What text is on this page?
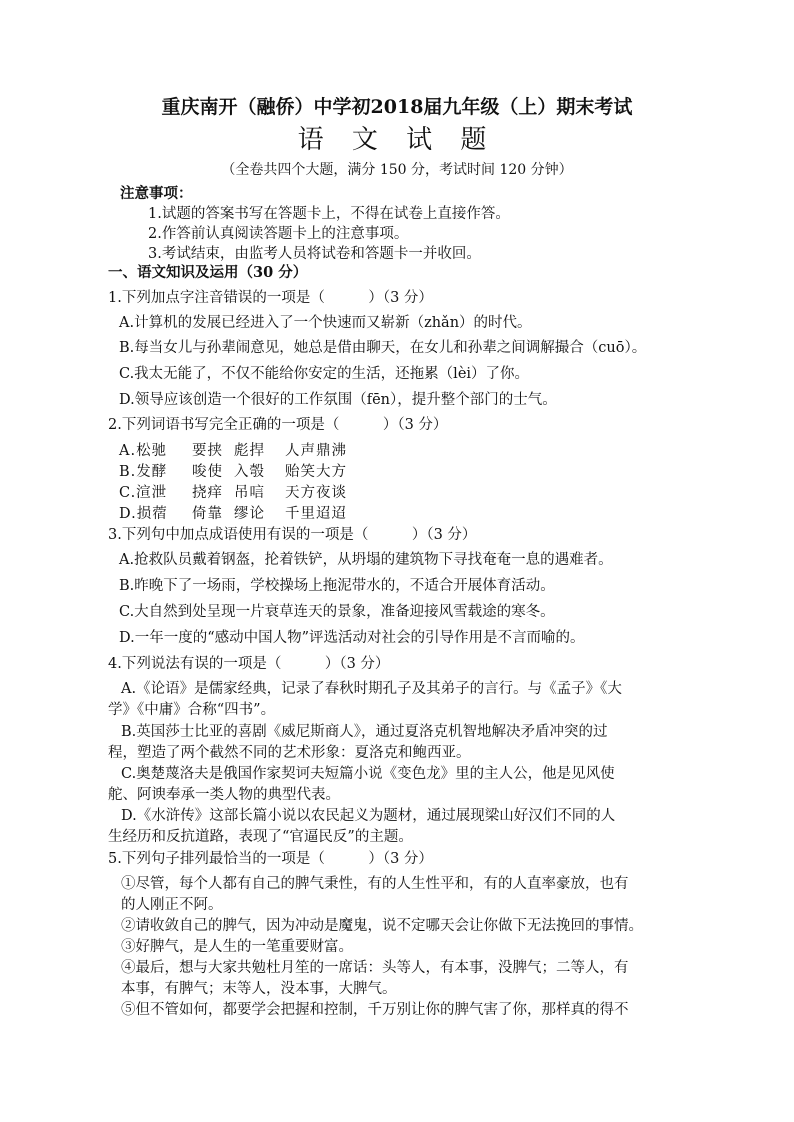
重庆南开（融侨）中学初2018届九年级（上）期末考试
语 文 试 题
（全卷共四个大题，满分 150 分，考试时间 120 分钟）
注意事项：
1.试题的答案书写在答题卡上，不得在试卷上直接作答。
2.作答前认真阅读答题卡上的注意事项。
3.考试结束，由监考人员将试卷和答题卡一并收回。
一、语文知识及运用（30 分）
1.下列加点字注音错误的一项是（　　　）（3 分）
A.计算机的发展已经进入了一个快速而又崭新（zhǎn）的时代。
B.每当女儿与孙辈闹意见，她总是借由聊天，在女儿和孙辈之间调解撮合（cuō）。
C.我太无能了，不仅不能给你安定的生活，还拖累（lèi）了你。
D.领导应该创造一个很好的工作氛围（fēn），提升整个部门的士气。
2.下列词语书写完全正确的一项是（　　　）（3 分）
A.松驰 要挟 彪捍 人声鼎沸
B.发酵 唆使 入彀 贻笑大方
C.渲泄 挠痒 吊唁 天方夜谈
D.损蓿 倚靠 缪论 千里迢迢
3.下列句中加点成语使用有误的一项是（　　　）（3 分）
A.抢救队员戴着钢盔，抡着铁铲，从坍塌的建筑物下寻找奄奄一息的遇难者。
B.昨晚下了一场雨，学校操场上拖泥带水的，不适合开展体育活动。
C.大自然到处呈现一片衰草连天的景象，准备迎接风雪载途的寒冬。
D.一年一度的“感动中国人物”评选活动对社会的引导作用是不言而喻的。
4.下列说法有误的一项是（　　　）（3 分）
A.《论语》是儒家经典，记录了春秋时期孔子及其弟子的言行。与《孟子》《大
学》《中庸》合称“四书”。
B.英国莎士比亚的喜剧《威尼斯商人》，通过夏洛克机智地解决矛盾冲突的过
程，塑造了两个截然不同的艺术形象：夏洛克和鲍西亚。
C.奥楚蔑洛夫是俄国作家契诃夫短篇小说《变色龙》里的主人公，他是见风使
舵、阿谀奉承一类人物的典型代表。
D.《水浒传》这部长篇小说以农民起义为题材，通过展现梁山好汉们不同的人
生经历和反抗道路，表现了“官逼民反”的主题。
5.下列句子排列最恰当的一项是（　　　）（3 分）
①尽管，每个人都有自己的脾气秉性，有的人生性平和，有的人直率豪放，也有
的人刚正不阿。
②请收敛自己的脾气，因为冲动是魔鬼，说不定哪天会让你做下无法挽回的事情。
③好脾气，是人生的一笔重要财富。
④最后，想与大家共勉杜月笙的一席话：头等人，有本事，没脾气；二等人，有
本事，有脾气；末等人，没本事，大脾气。
⑤但不管如何，都要学会把握和控制，千万别让你的脾气害了你，那样真的得不
